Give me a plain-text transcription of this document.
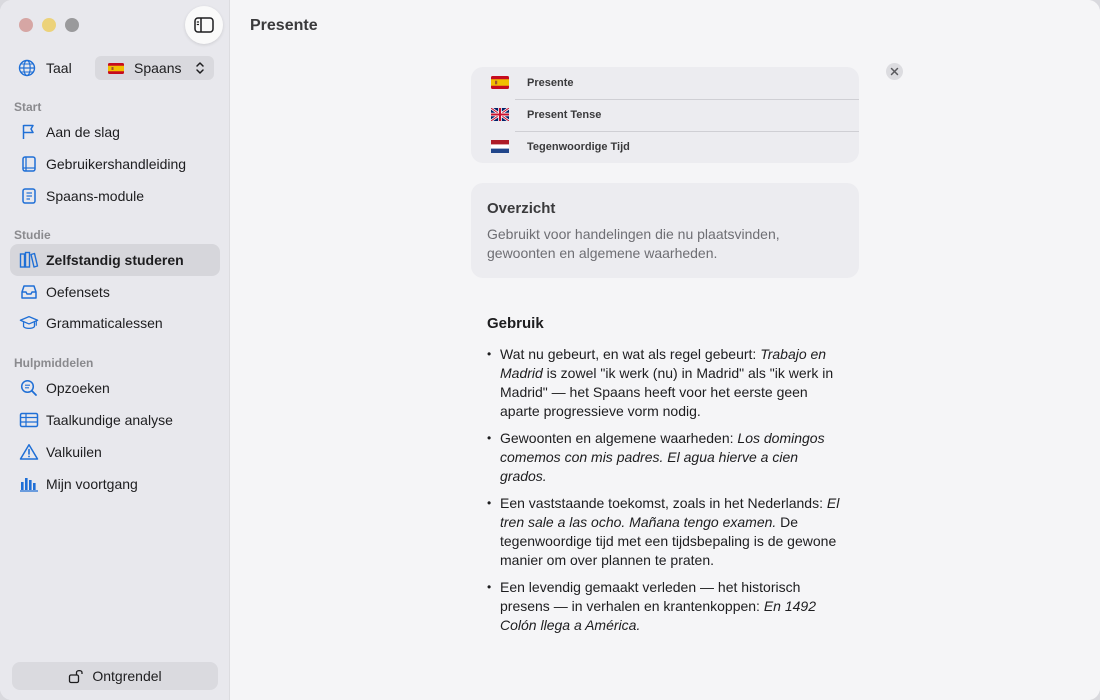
Taal	Spaans
Start
Aan de slag
Gebruikershandleiding
Spaans-module
Studie
Zelfstandig studeren
Oefensets
Grammaticalessen
Hulpmiddelen
Opzoeken
Taalkundige analyse
Valkuilen
Mijn voortgang
Ontgrendel
Presente
Presente
Present Tense
Tegenwoordige Tijd
Overzicht

Gebruikt voor handelingen die nu plaatsvinden, gewoonten en algemene waarheden.

Gebruik
• Wat nu gebeurt, en wat als regel gebeurt: Trabajo en Madrid is zowel "ik werk (nu) in Madrid" als "ik werk in Madrid" — het Spaans heeft voor het eerste geen aparte progressieve vorm nodig.
• Gewoonten en algemene waarheden: Los domingos comemos con mis padres. El agua hierve a cien grados.
• Een vaststaande toekomst, zoals in het Nederlands: El tren sale a las ocho. Mañana tengo examen. De tegenwoordige tijd met een tijdsbepaling is de gewone manier om over plannen te praten.
• Een levendig gemaakt verleden — het historisch presens — in verhalen en krantenkoppen: En 1492 Colón llega a América.
